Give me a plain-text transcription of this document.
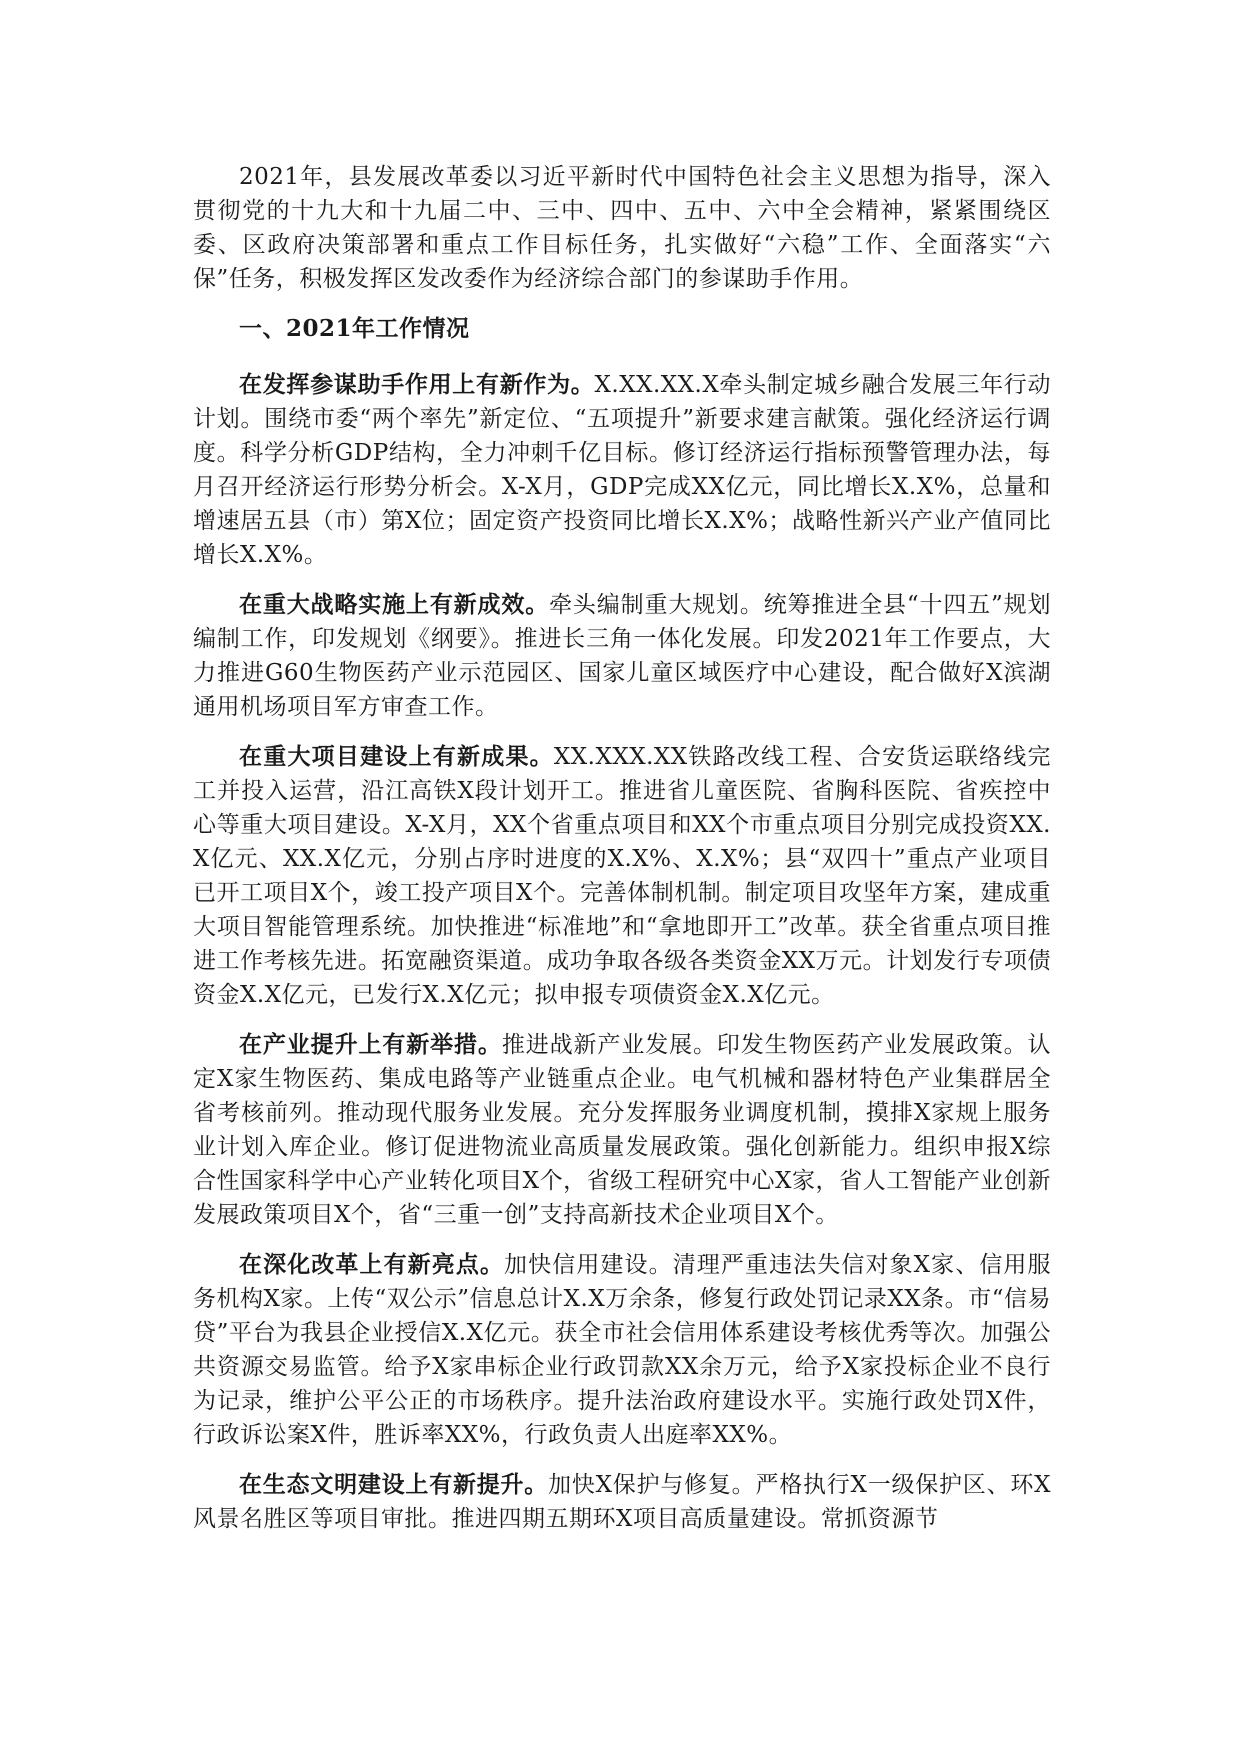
2021年，县发展改革委以习近平新时代中国特色社会主义思想为指导，深入贯彻党的十九大和十九届二中、三中、四中、五中、六中全会精神，紧紧围绕区委、区政府决策部署和重点工作目标任务，扎实做好“六稳”工作、全面落实“六保”任务，积极发挥区发改委作为经济综合部门的参谋助手作用。

一、2021年工作情况

在发挥参谋助手作用上有新作为。X.XX.XX.X牵头制定城乡融合发展三年行动计划。围绕市委“两个率先”新定位、“五项提升”新要求建言献策。强化经济运行调度。科学分析GDP结构，全力冲刺千亿目标。修订经济运行指标预警管理办法，每月召开经济运行形势分析会。X-X月，GDP完成XX亿元，同比增长X.X%，总量和增速居五县（市）第X位；固定资产投资同比增长X.X%；战略性新兴产业产值同比增长X.X%。

在重大战略实施上有新成效。牵头编制重大规划。统筹推进全县“十四五”规划编制工作，印发规划《纲要》。推进长三角一体化发展。印发2021年工作要点，大力推进G60生物医药产业示范园区、国家儿童区域医疗中心建设，配合做好X滨湖通用机场项目军方审查工作。

在重大项目建设上有新成果。XX.XXX.XX铁路改线工程、合安货运联络线完工并投入运营，沿江高铁X段计划开工。推进省儿童医院、省胸科医院、省疾控中心等重大项目建设。X-X月，XX个省重点项目和XX个市重点项目分别完成投资XX.X亿元、XX.X亿元，分别占序时进度的X.X%、X.X%；县“双四十”重点产业项目已开工项目X个，竣工投产项目X个。完善体制机制。制定项目攻坚年方案，建成重大项目智能管理系统。加快推进“标准地”和“拿地即开工”改革。获全省重点项目推进工作考核先进。拓宽融资渠道。成功争取各级各类资金XX万元。计划发行专项债资金X.X亿元，已发行X.X亿元；拟申报专项债资金X.X亿元。

在产业提升上有新举措。推进战新产业发展。印发生物医药产业发展政策。认定X家生物医药、集成电路等产业链重点企业。电气机械和器材特色产业集群居全省考核前列。推动现代服务业发展。充分发挥服务业调度机制，摸排X家规上服务业计划入库企业。修订促进物流业高质量发展政策。强化创新能力。组织申报X综合性国家科学中心产业转化项目X个，省级工程研究中心X家，省人工智能产业创新发展政策项目X个，省“三重一创”支持高新技术企业项目X个。

在深化改革上有新亮点。加快信用建设。清理严重违法失信对象X家、信用服务机构X家。上传“双公示”信息总计X.X万余条，修复行政处罚记录XX条。市“信易贷”平台为我县企业授信X.X亿元。获全市社会信用体系建设考核优秀等次。加强公共资源交易监管。给予X家串标企业行政罚款XX余万元，给予X家投标企业不良行为记录，维护公平公正的市场秩序。提升法治政府建设水平。实施行政处罚X件，行政诉讼案X件，胜诉率XX%，行政负责人出庭率XX%。

在生态文明建设上有新提升。加快X保护与修复。严格执行X一级保护区、环X风景名胜区等项目审批。推进四期五期环X项目高质量建设。常抓资源节
